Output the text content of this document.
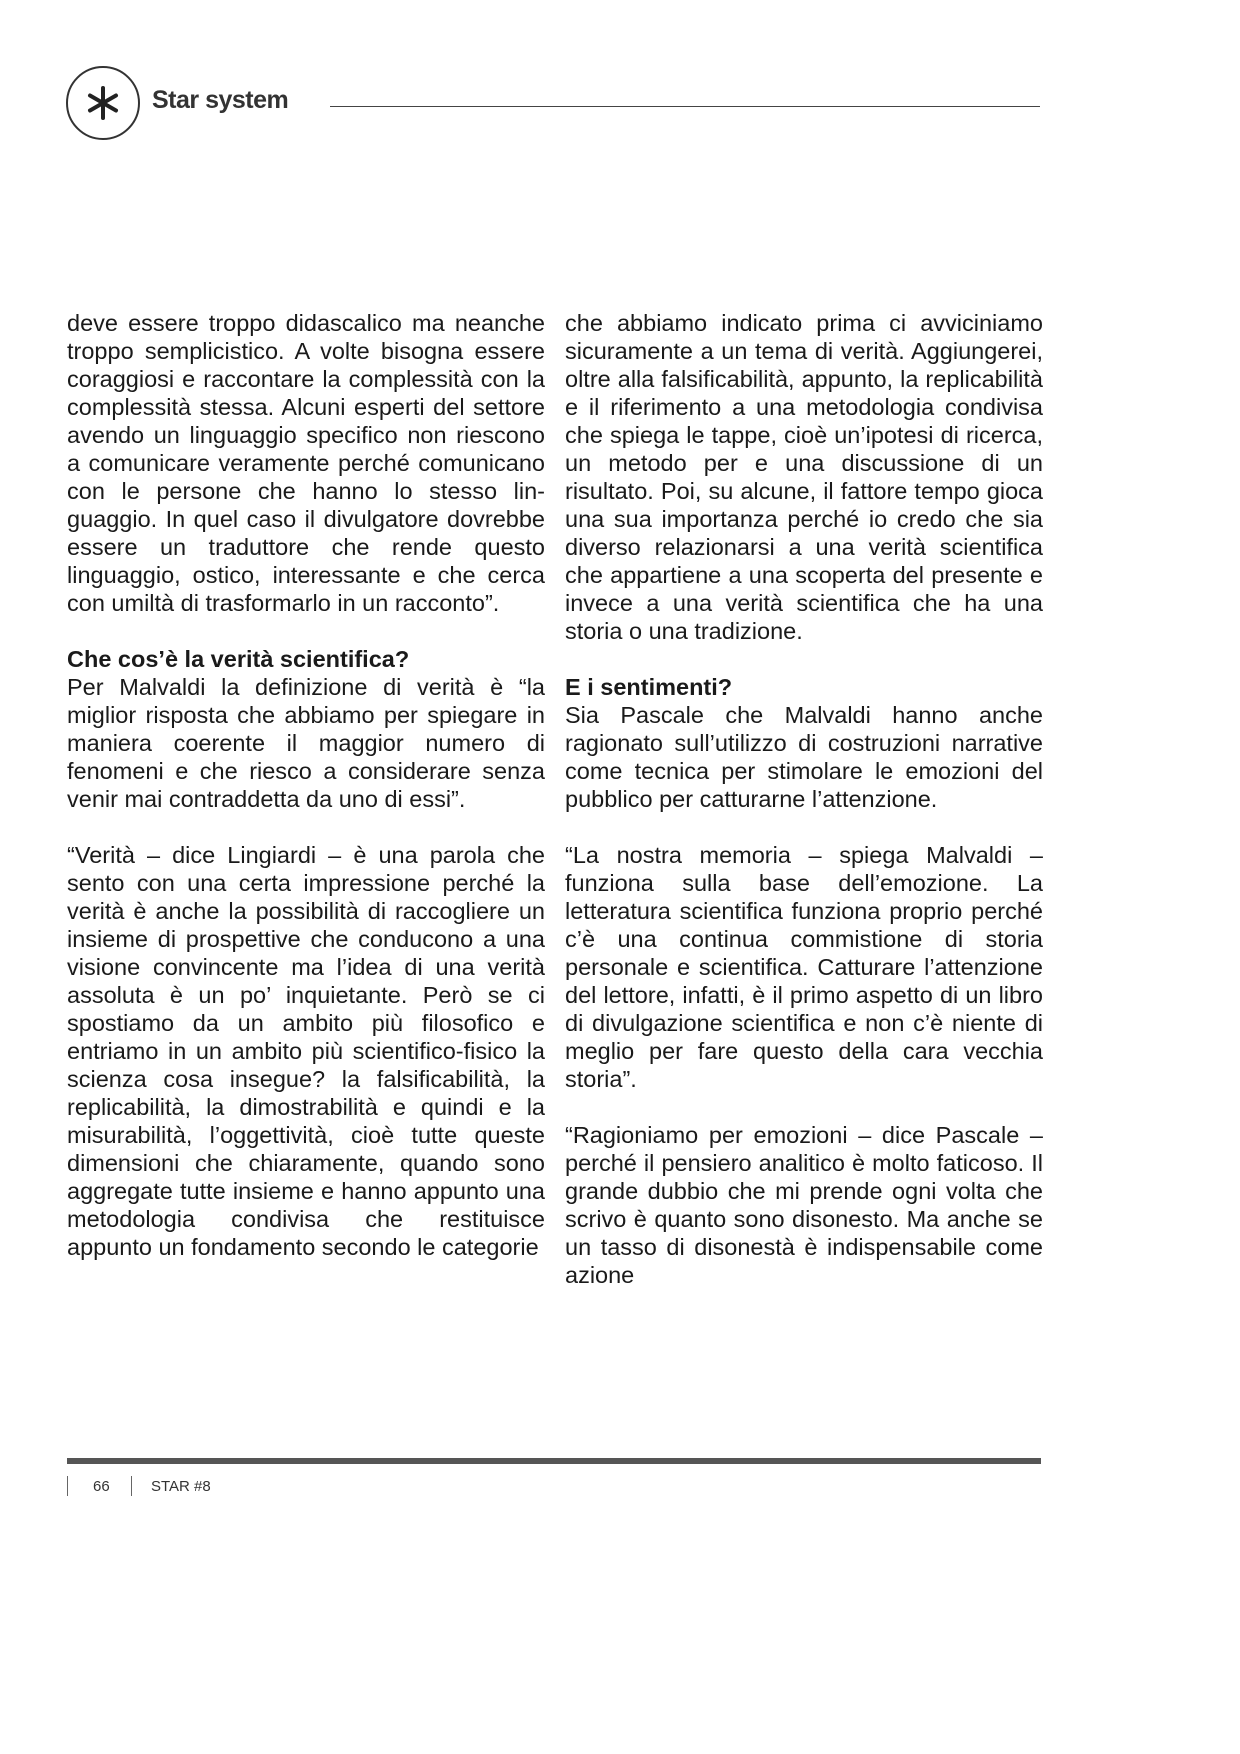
Star system

deve essere troppo didascalico ma neanche troppo semplicistico. A volte bisogna essere coraggiosi e raccontare la complessità con la complessità stessa. Alcuni esperti del settore avendo un linguaggio specifico non riescono a comunicare veramente perché comunicano con le persone che hanno lo stesso linguaggio. In quel caso il divulgatore dovrebbe essere un traduttore che rende questo linguaggio, ostico, interessante e che cerca con umiltà di trasformarlo in un racconto”.

Che cos’è la verità scientifica?

Per Malvaldi la definizione di verità è “la miglior risposta che abbiamo per spiegare in maniera coerente il maggior numero di fenomeni e che riesco a considerare senza venir mai contraddetta da uno di essi”.

“Verità – dice Lingiardi – è una parola che sento con una certa impressione perché la verità è anche la possibilità di raccogliere un insieme di prospettive che conducono a una visione convincente ma l’idea di una verità assoluta è un po’ inquietante. Però se ci spostiamo da un ambito più filosofico e entriamo in un ambito più scientifico-fisico la scienza cosa insegue? la falsificabilità, la replicabilità, la dimostrabilità e quindi e la misurabilità, l’oggettività, cioè tutte queste dimensioni che chiaramente, quando sono aggregate tutte insieme e hanno appunto una metodologia condivisa che restituisce appunto un fondamento secondo le categorie

che abbiamo indicato prima ci avviciniamo sicuramente a un tema di verità. Aggiungerei, oltre alla falsificabilità, appunto, la replicabilità e il riferimento a una metodologia condivisa che spiega le tappe, cioè un’ipotesi di ricerca, un metodo per e una discussione di un risultato. Poi, su alcune, il fattore tempo gioca una sua importanza perché io credo che sia diverso relazionarsi a una verità scientifica che appartiene a una scoperta del presente e invece a una verità scientifica che ha una storia o una tradizione.

E i sentimenti?

Sia Pascale che Malvaldi hanno anche ragionato sull’utilizzo di costruzioni narrative come tecnica per stimolare le emozioni del pubblico per catturarne l’attenzione.

“La nostra memoria – spiega Malvaldi – funziona sulla base dell’emozione. La letteratura scientifica funziona proprio perché c’è una continua commistione di storia personale e scientifica. Catturare l’attenzione del lettore, infatti, è il primo aspetto di un libro di divulgazione scientifica e non c’è niente di meglio per fare questo della cara vecchia storia”.

“Ragioniamo per emozioni – dice Pascale – perché il pensiero analitico è molto faticoso. Il grande dubbio che mi prende ogni volta che scrivo è quanto sono disonesto. Ma anche se un tasso di disonestà è indispensabile come azione

66	STAR #8
